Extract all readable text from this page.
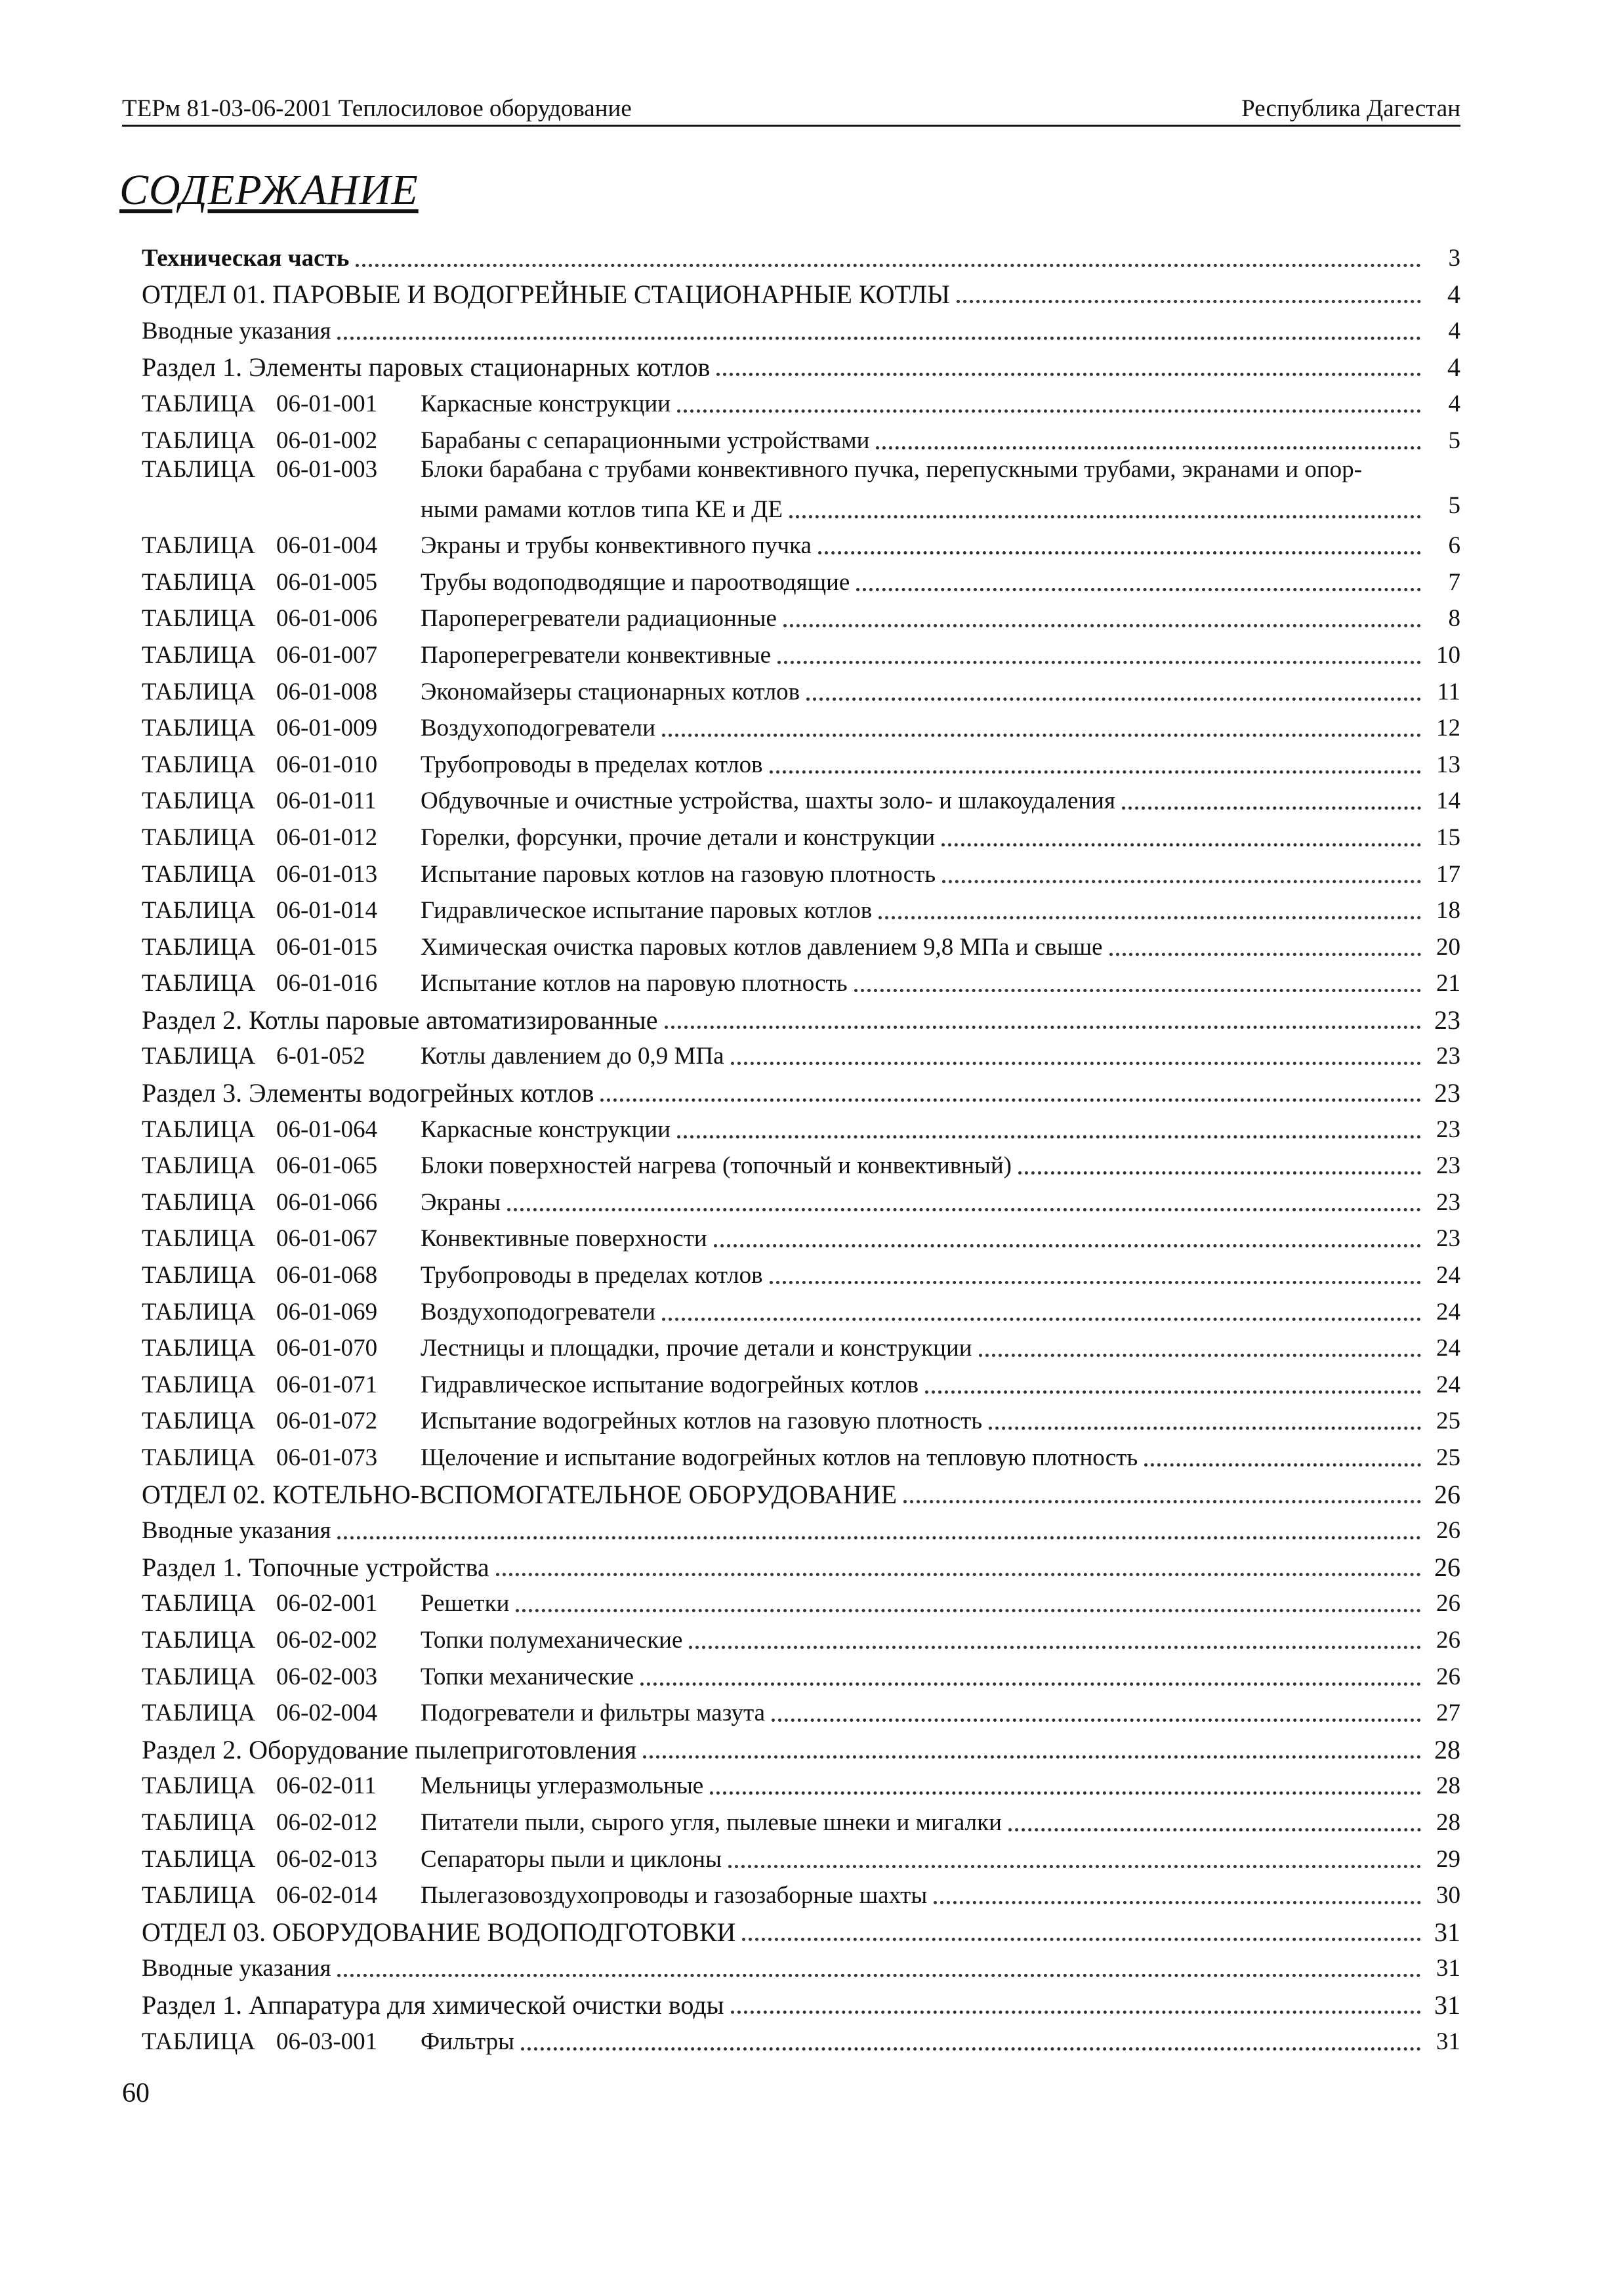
ТЕРм 81-03-06-2001 Теплосиловое оборудование	Республика Дагестан
СОДЕРЖАНИЕ
Техническая часть	3
ОТДЕЛ 01. ПАРОВЫЕ И ВОДОГРЕЙНЫЕ СТАЦИОНАРНЫЕ КОТЛЫ	4
Вводные указания	4
Раздел 1. Элементы паровых стационарных котлов	4
ТАБЛИЦА 06-01-001	Каркасные конструкции	4
ТАБЛИЦА 06-01-002	Барабаны с сепарационными устройствами	5
ТАБЛИЦА 06-01-003	Блоки барабана с трубами конвективного пучка, перепускными трубами, экранами и опор-
ными рамами котлов типа КЕ и ДЕ	5
ТАБЛИЦА 06-01-004	Экраны и трубы конвективного пучка	6
ТАБЛИЦА 06-01-005	Трубы водоподводящие и пароотводящие	7
ТАБЛИЦА 06-01-006	Пароперегреватели радиационные	8
ТАБЛИЦА 06-01-007	Пароперегреватели конвективные	10
ТАБЛИЦА 06-01-008	Экономайзеры стационарных котлов	11
ТАБЛИЦА 06-01-009	Воздухоподогреватели	12
ТАБЛИЦА 06-01-010	Трубопроводы в пределах котлов	13
ТАБЛИЦА 06-01-011	Обдувочные и очистные устройства, шахты золо- и шлакоудаления	14
ТАБЛИЦА 06-01-012	Горелки, форсунки, прочие детали и конструкции	15
ТАБЛИЦА 06-01-013	Испытание паровых котлов на газовую плотность	17
ТАБЛИЦА 06-01-014	Гидравлическое испытание паровых котлов	18
ТАБЛИЦА 06-01-015	Химическая очистка паровых котлов давлением 9,8 МПа и свыше	20
ТАБЛИЦА 06-01-016	Испытание котлов на паровую плотность	21
Раздел 2. Котлы паровые автоматизированные	23
ТАБЛИЦА 6-01-052	Котлы давлением до 0,9 МПа	23
Раздел 3. Элементы водогрейных котлов	23
ТАБЛИЦА 06-01-064	Каркасные конструкции	23
ТАБЛИЦА 06-01-065	Блоки поверхностей нагрева (топочный и конвективный)	23
ТАБЛИЦА 06-01-066	Экраны	23
ТАБЛИЦА 06-01-067	Конвективные поверхности	23
ТАБЛИЦА 06-01-068	Трубопроводы в пределах котлов	24
ТАБЛИЦА 06-01-069	Воздухоподогреватели	24
ТАБЛИЦА 06-01-070	Лестницы и площадки, прочие детали и конструкции	24
ТАБЛИЦА 06-01-071	Гидравлическое испытание водогрейных котлов	24
ТАБЛИЦА 06-01-072	Испытание водогрейных котлов на газовую плотность	25
ТАБЛИЦА 06-01-073	Щелочение и испытание водогрейных котлов на тепловую плотность	25
ОТДЕЛ 02. КОТЕЛЬНО-ВСПОМОГАТЕЛЬНОЕ ОБОРУДОВАНИЕ	26
Вводные указания	26
Раздел 1. Топочные устройства	26
ТАБЛИЦА 06-02-001	Решетки	26
ТАБЛИЦА 06-02-002	Топки полумеханические	26
ТАБЛИЦА 06-02-003	Топки механические	26
ТАБЛИЦА 06-02-004	Подогреватели и фильтры мазута	27
Раздел 2. Оборудование пылеприготовления	28
ТАБЛИЦА 06-02-011	Мельницы углеразмольные	28
ТАБЛИЦА 06-02-012	Питатели пыли, сырого угля, пылевые шнеки и мигалки	28
ТАБЛИЦА 06-02-013	Сепараторы пыли и циклоны	29
ТАБЛИЦА 06-02-014	Пылегазовоздухопроводы и газозаборные шахты	30
ОТДЕЛ 03. ОБОРУДОВАНИЕ ВОДОПОДГОТОВКИ	31
Вводные указания	31
Раздел 1. Аппаратура для химической очистки воды	31
ТАБЛИЦА 06-03-001	Фильтры	31
60
